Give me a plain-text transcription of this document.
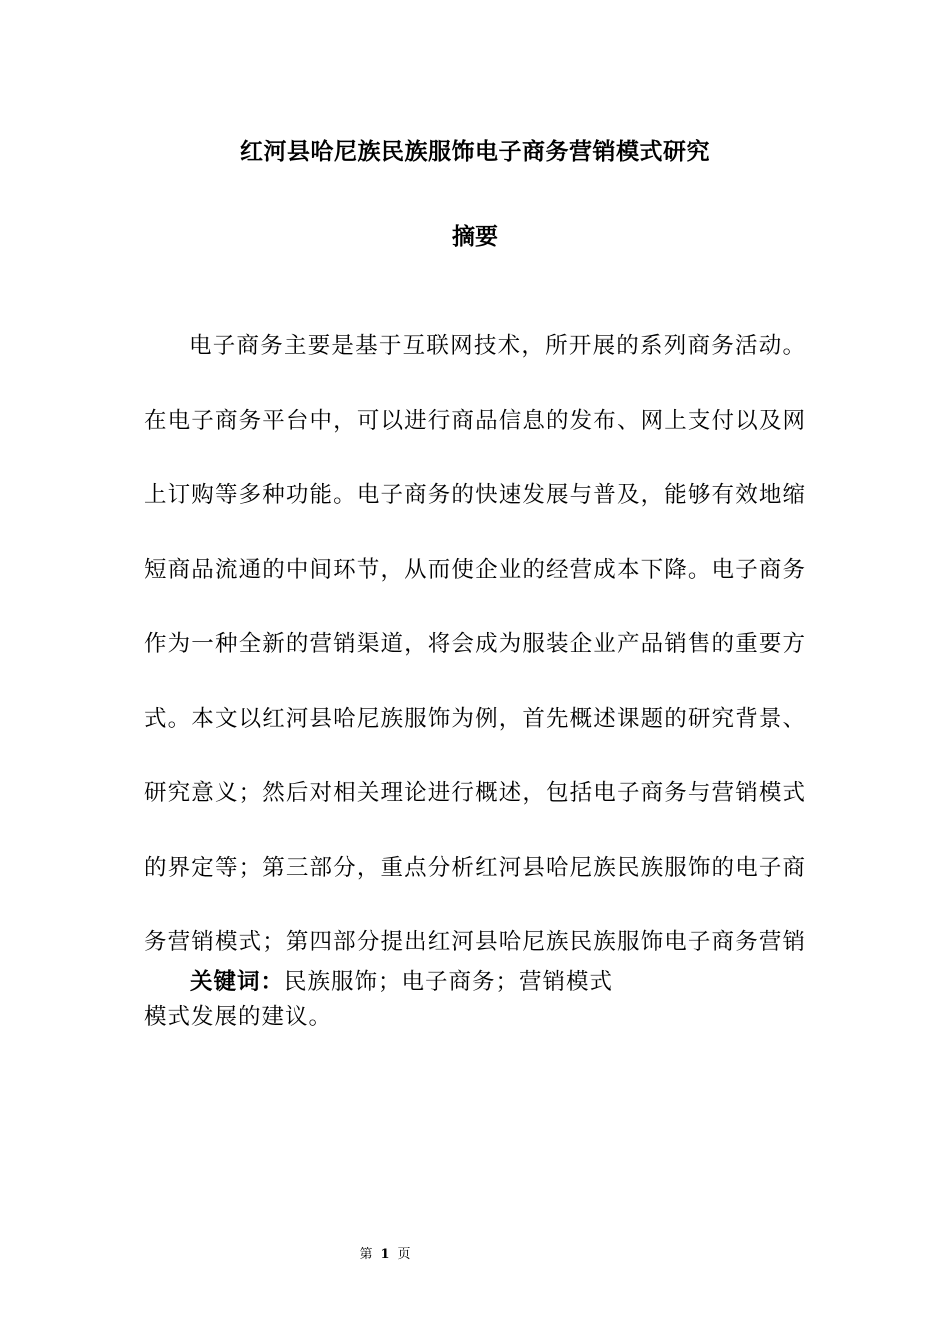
红河县哈尼族民族服饰电子商务营销模式研究
摘要

电子商务主要是基于互联网技术，所开展的系列商务活动。在电子商务平台中，可以进行商品信息的发布、网上支付以及网上订购等多种功能。电子商务的快速发展与普及，能够有效地缩短商品流通的中间环节，从而使企业的经营成本下降。电子商务作为一种全新的营销渠道，将会成为服装企业产品销售的重要方式。本文以红河县哈尼族服饰为例，首先概述课题的研究背景、研究意义；然后对相关理论进行概述，包括电子商务与营销模式的界定等；第三部分，重点分析红河县哈尼族民族服饰的电子商务营销模式；第四部分提出红河县哈尼族民族服饰电子商务营销模式发展的建议。

关键词：民族服饰；电子商务；营销模式
第 1 页
